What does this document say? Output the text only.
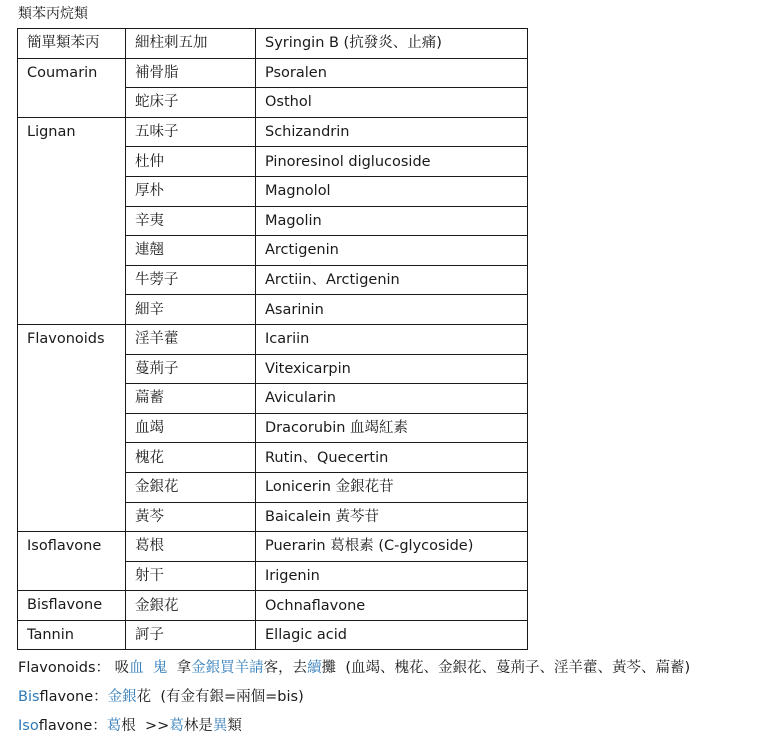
類苯丙烷類
簡單類苯丙	細柱刺五加	Syringin B (抗發炎、止痛)
Coumarin	補骨脂	Psoralen
	蛇床子	Osthol
Lignan	五味子	Schizandrin
	杜仲	Pinoresinol diglucoside
	厚朴	Magnolol
	辛夷	Magolin
	連翹	Arctigenin
	牛蒡子	Arctiin、Arctigenin
	細辛	Asarinin
Flavonoids	淫羊藿	Icariin
	蔓荊子	Vitexicarpin
	萹蓄	Avicularin
	血竭	Dracorubin 血竭紅素
	槐花	Rutin、Quecertin
	金銀花	Lonicerin 金銀花苷
	黃芩	Baicalein 黃芩苷
Isoflavone	葛根	Puerarin 葛根素 (C-glycoside)
	射干	Irigenin
Bisflavone	金銀花	Ochnaflavone
Tannin	訶子	Ellagic acid
Flavonoids： 吸血 鬼  拿金銀買羊請客，去續攤  (血竭、槐花、金銀花、蔓荊子、淫羊藿、黃芩、萹蓄)
Bisflavone：金銀花  (有金有銀=兩個=bis)
Isoflavone：葛根  >>葛林是異類
